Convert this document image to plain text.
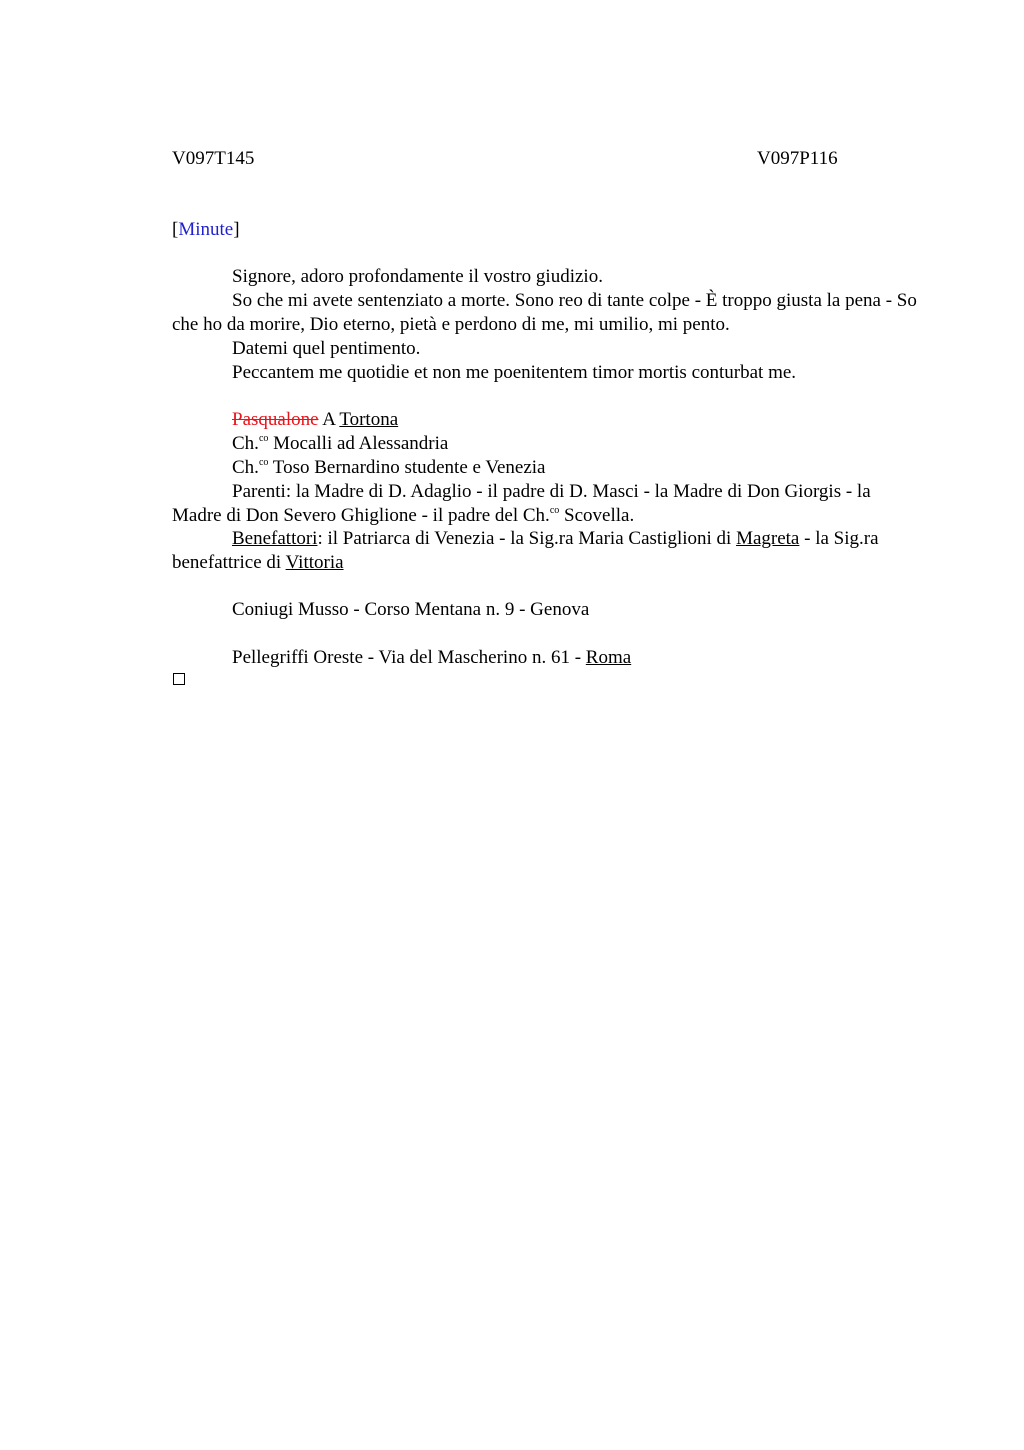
V097T145	V097P116
[Minute]
Signore, adoro profondamente il vostro giudizio.
So che mi avete sentenziato a morte. Sono reo di tante colpe - È troppo giusta la pena - So che ho da morire, Dio eterno, pietà e perdono di me, mi umilio, mi pento.
Datemi quel pentimento.
Peccantem me quotidie et non me poenitentem timor mortis conturbat me.
Pasqualone A Tortona
Ch.$^{co}$ Mocalli ad Alessandria
Ch.$^{co}$ Toso Bernardino studente e Venezia
Parenti: la Madre di D. Adaglio - il padre di D. Masci - la Madre di Don Giorgis - la Madre di Don Severo Ghiglione - il padre del Ch.$^{co}$ Scovella.
Benefattori: il Patriarca di Venezia - la Sig.ra Maria Castiglioni di Magreta - la Sig.ra benefattrice di Vittoria
Coniugi Musso - Corso Mentana n. 9 - Genova
Pellegriffi Oreste - Via del Mascherino n. 61 - Roma
